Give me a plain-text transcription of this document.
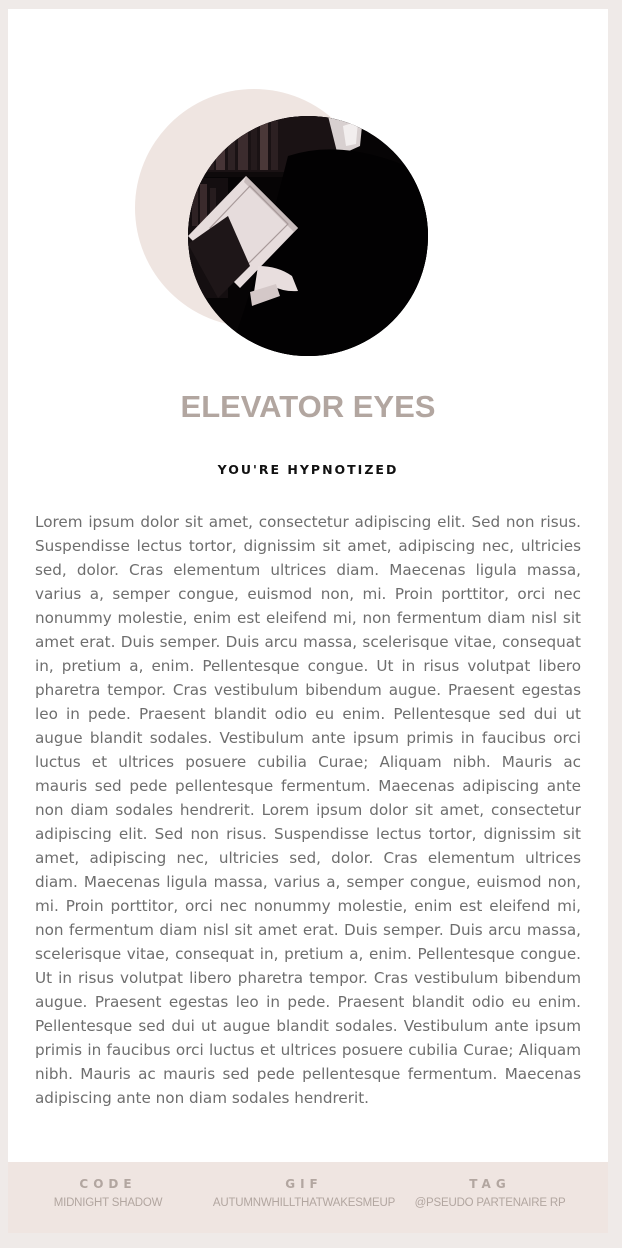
ELEVATOR EYES
YOU'RE HYPNOTIZED

Lorem ipsum dolor sit amet, consectetur adipiscing elit. Sed non risus. Suspendisse lectus tortor, dignissim sit amet, adipiscing nec, ultricies sed, dolor. Cras elementum ultrices diam. Maecenas ligula massa, varius a, semper congue, euismod non, mi. Proin porttitor, orci nec nonummy molestie, enim est eleifend mi, non fermentum diam nisl sit amet erat. Duis semper. Duis arcu massa, scelerisque vitae, consequat in, pretium a, enim. Pellentesque congue. Ut in risus volutpat libero pharetra tempor. Cras vestibulum bibendum augue. Praesent egestas leo in pede. Praesent blandit odio eu enim. Pellentesque sed dui ut augue blandit sodales. Vestibulum ante ipsum primis in faucibus orci luctus et ultrices posuere cubilia Curae; Aliquam nibh. Mauris ac mauris sed pede pellentesque fermentum. Maecenas adipiscing ante non diam sodales hendrerit. Lorem ipsum dolor sit amet, consectetur adipiscing elit. Sed non risus. Suspendisse lectus tortor, dignissim sit amet, adipiscing nec, ultricies sed, dolor. Cras elementum ultrices diam. Maecenas ligula massa, varius a, semper congue, euismod non, mi. Proin porttitor, orci nec nonummy molestie, enim est eleifend mi, non fermentum diam nisl sit amet erat. Duis semper. Duis arcu massa, scelerisque vitae, consequat in, pretium a, enim. Pellentesque congue. Ut in risus volutpat libero pharetra tempor. Cras vestibulum bibendum augue. Praesent egestas leo in pede. Praesent blandit odio eu enim. Pellentesque sed dui ut augue blandit sodales. Vestibulum ante ipsum primis in faucibus orci luctus et ultrices posuere cubilia Curae; Aliquam nibh. Mauris ac mauris sed pede pellentesque fermentum. Maecenas adipiscing ante non diam sodales hendrerit.

CODE
MIDNIGHT SHADOW
GIF
AUTUMNWHILLTHATWAKESMEUP
TAG
@PSEUDO PARTENAIRE RP
